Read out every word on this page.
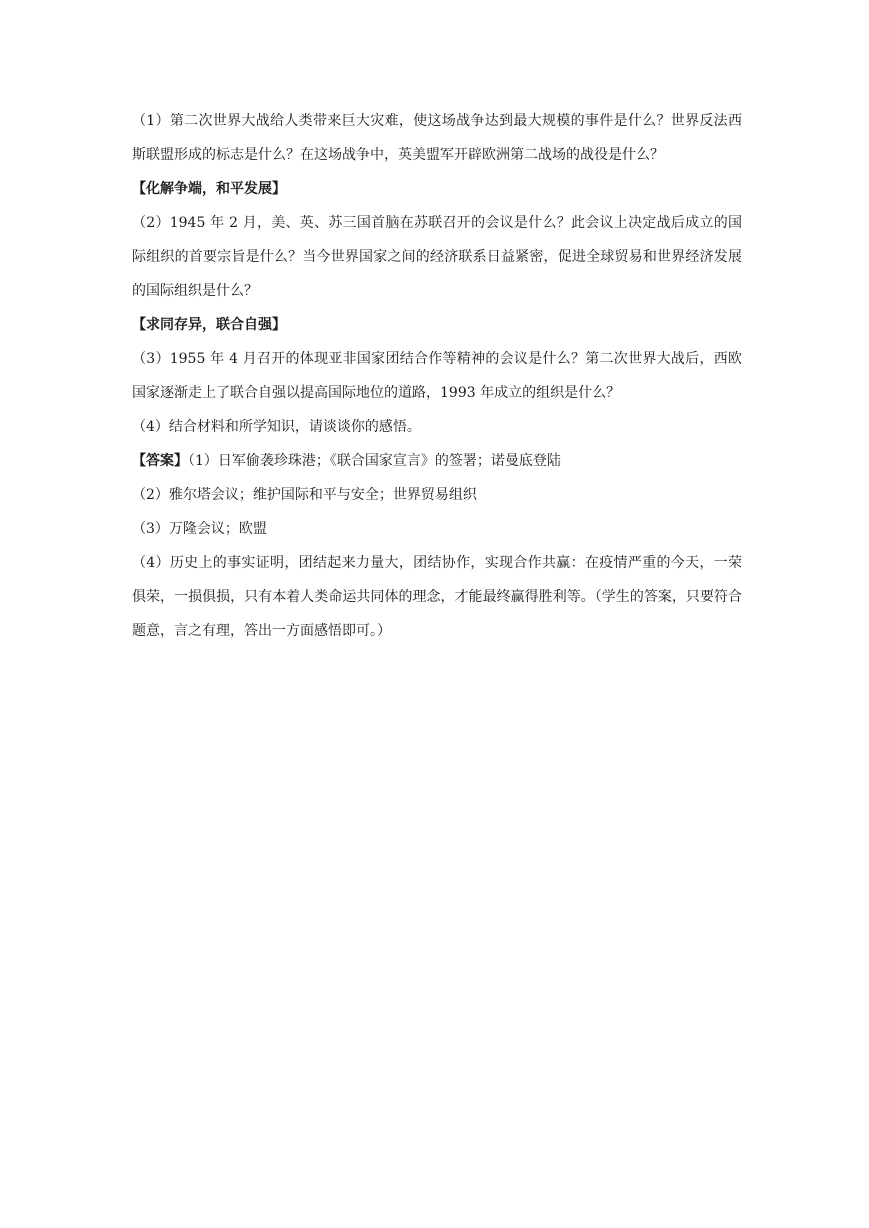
（1）第二次世界大战给人类带来巨大灾难，使这场战争达到最大规模的事件是什么？世界反法西斯联盟形成的标志是什么？在这场战争中，英美盟军开辟欧洲第二战场的战役是什么？

【化解争端，和平发展】

（2）1945 年 2 月，美、英、苏三国首脑在苏联召开的会议是什么？此会议上决定战后成立的国际组织的首要宗旨是什么？当今世界国家之间的经济联系日益紧密，促进全球贸易和世界经济发展的国际组织是什么？

【求同存异，联合自强】

（3）1955 年 4 月召开的体现亚非国家团结合作等精神的会议是什么？第二次世界大战后，西欧国家逐渐走上了联合自强以提高国际地位的道路，1993 年成立的组织是什么？

（4）结合材料和所学知识，请谈谈你的感悟。

【答案】（1）日军偷袭珍珠港；《联合国家宣言》的签署；诺曼底登陆

（2）雅尔塔会议；维护国际和平与安全；世界贸易组织

（3）万隆会议；欧盟

（4）历史上的事实证明，团结起来力量大，团结协作，实现合作共赢：在疫情严重的今天，一荣俱荣，一损俱损，只有本着人类命运共同体的理念，才能最终赢得胜利等。（学生的答案，只要符合题意，言之有理，答出一方面感悟即可。）
